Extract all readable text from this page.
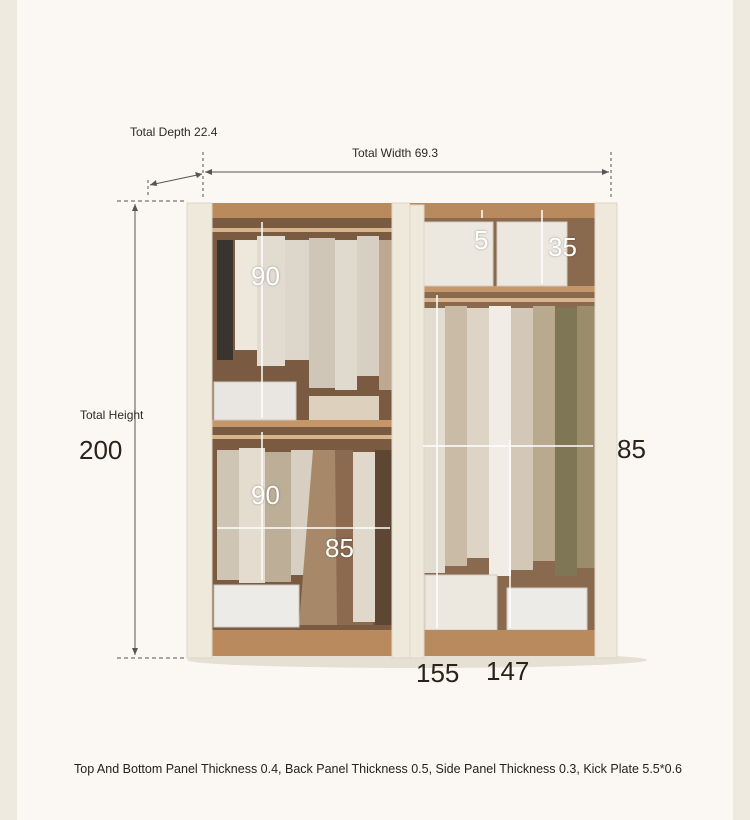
Total Depth 22.4
Total Width 69.3
Total Height
200
90
90
85
5 35
85
155 147
Top And Bottom Panel Thickness 0.4, Back Panel Thickness 0.5, Side Panel Thickness 0.3, Kick Plate 5.5*0.6
